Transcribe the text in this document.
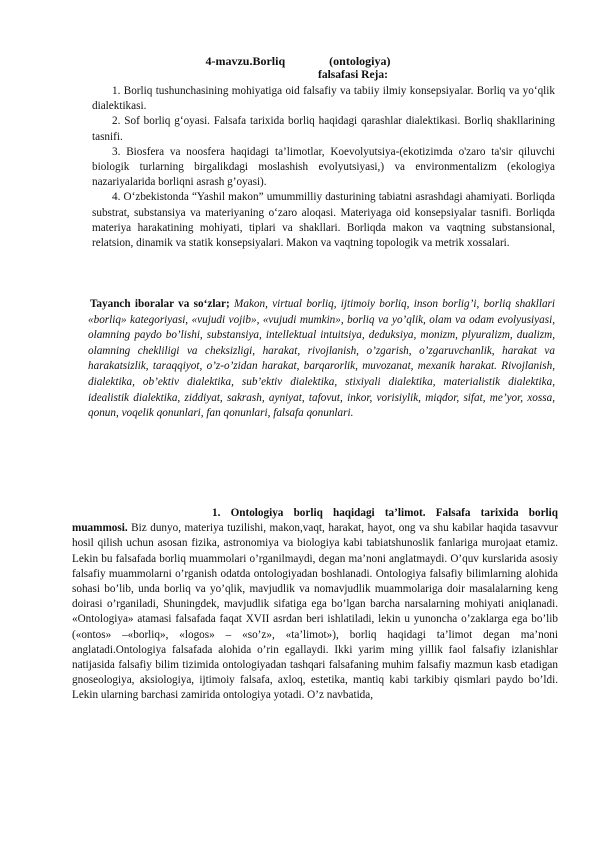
4-mavzu.Borliq	(ontologiya)
falsafasi Reja:

1. Borliq tushunchasining mohiyatiga oid falsafiy va tabiiy ilmiy konsepsiyalar. Borliq va yo‘qlik dialektikasi.

2. Sof borliq g‘oyasi. Falsafa tarixida borliq haqidagi qarashlar dialektikasi. Borliq shakllarining tasnifi.

3. Biosfera va noosfera haqidagi ta’limotlar, Koevolyutsiya-(ekotizimda o'zaro ta'sir qiluvchi biologik turlarning birgalikdagi moslashish evolyutsiyasi,) va environmentalizm (ekologiya nazariyalarida borliqni asrash g’oyasi).

4. O‘zbekistonda “Yashil makon” umummilliy dasturining tabiatni asrashdagi ahamiyati. Borliqda substrat, substansiya va materiyaning o‘zaro aloqasi. Materiyaga oid konsepsiyalar tasnifi. Borliqda materiya harakatining mohiyati, tiplari va shakllari. Borliqda makon va vaqtning substansional, relatsion, dinamik va statik konsepsiyalari. Makon va vaqtning topologik va metrik xossalari.

Tayanch iboralar va so‘zlar; Makon, virtual borliq, ijtimoiy borliq, inson borlig’i, borliq shakllari «borliq» kategoriyasi, «vujudi vojib», «vujudi mumkin», borliq va yo’qlik, olam va odam evolyusiyasi, olamning paydo bo’lishi, substansiya, intellektual intuitsiya, deduksiya, monizm, plyuralizm, dualizm, olamning chekliligi va cheksizligi, harakat, rivojlanish, o’zgarish, o’zgaruvchanlik, harakat va harakatsizlik, taraqqiyot, o’z-o’zidan harakat, barqarorlik, muvozanat, mexanik harakat. Rivojlanish, dialektika, ob’ektiv dialektika, sub’ektiv dialektika, stixiyali dialektika, materialistik dialektika, idealistik dialektika, ziddiyat, sakrash, ayniyat, tafovut, inkor, vorisiylik, miqdor, sifat, me’yor, xossa, qonun, voqelik qonunlari, fan qonunlari, falsafa qonunlari.

1. Ontologiya borliq haqidagi ta’limot. Falsafa tarixida borliq muammosi. Biz dunyo, materiya tuzilishi, makon,vaqt, harakat, hayot, ong va shu kabilar haqida tasavvur hosil qilish uchun asosan fizika, astronomiya va biologiya kabi tabiatshunoslik fanlariga murojaat etamiz. Lekin bu falsafada borliq muammolari o’rganilmaydi, degan ma’noni anglatmaydi. O’quv kurslarida asosiy falsafiy muammolarni o’rganish odatda ontologiyadan boshlanadi. Ontologiya falsafiy bilimlarning alohida sohasi bo’lib, unda borliq va yo’qlik, mavjudlik va nomavjudlik muammolariga doir masalalarning keng doirasi o’rganiladi, Shuningdek, mavjudlik sifatiga ega bo’lgan barcha narsalarning mohiyati aniqlanadi. «Ontologiya» atamasi falsafada faqat XVII asrdan beri ishlatiladi, lekin u yunoncha o’zaklarga ega bo’lib («ontos» –«borliq», «logos» – «so’z», «ta’limot»), borliq haqidagi ta’limot degan ma’noni anglatadi.Ontologiya falsafada alohida o’rin egallaydi. Ikki yarim ming yillik faol falsafiy izlanishlar natijasida falsafiy bilim tizimida ontologiyadan tashqari falsafaning muhim falsafiy mazmun kasb etadigan gnoseologiya, aksiologiya, ijtimoiy falsafa, axloq, estetika, mantiq kabi tarkibiy qismlari paydo bo’ldi. Lekin ularning barchasi zamirida ontologiya yotadi. O’z navbatida,
